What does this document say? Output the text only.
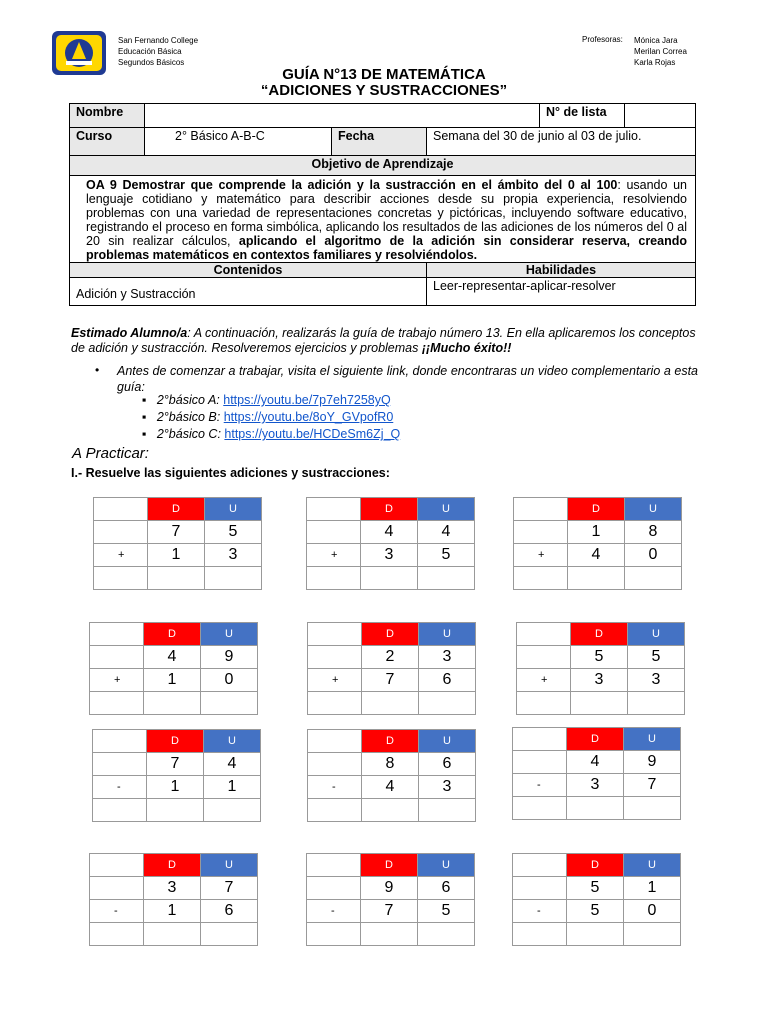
San Fernando College
Educación Básica
Segundos Básicos
Profesoras: Mónica Jara
Merilan Correa
Karla Rojas
GUÍA N°13 DE MATEMÁTICA
“ADICIONES Y SUSTRACCIONES”
Nombre				N° de lista	
Curso	2° Básico A-B-C	Fecha	Semana del 30 de junio al 03 de julio.		
Objetivo de Aprendizaje					
OA 9 Demostrar que comprende la adición y la sustracción en el ámbito del 0 al 100: usando un lenguaje cotidiano y matemático para describir acciones desde su propia experiencia, resolviendo problemas con una variedad de representaciones concretas y pictóricas, incluyendo software educativo, registrando el proceso en forma simbólica, aplicando los resultados de las adiciones de los números del 0 al 20 sin realizar cálculos, aplicando el algoritmo de la adición sin considerar reserva, creando problemas matemáticos en contextos familiares y resolviéndolos.					
Contenidos			Habilidades		
Adición y Sustracción			Leer-representar-aplicar-resolver		
Estimado Alumno/a: A continuación, realizarás la guía de trabajo número 13. En ella aplicaremos los conceptos de adición y sustracción. Resolveremos ejercicios y problemas ¡¡Mucho éxito!!
• Antes de comenzar a trabajar, visita el siguiente link, donde encontraras un video complementario a esta guía:
▪   2°básico A: https://youtu.be/7p7eh7258yQ
▪   2°básico B: https://youtu.be/8oY_GVpofR0
▪   2°básico C: https://youtu.be/HCDeSm6Zj_Q
A Practicar:
I.- Resuelve las siguientes adiciones y sustracciones:
	D	U
	7	5
+	1	3

	D	U
	4	4
+	3	5

	D	U
	1	8
+	4	0

	D	U
	4	9
+	1	0

	D	U
	2	3
+	7	6

	D	U
	5	5
+	3	3

	D	U
	7	4
-	1	1

	D	U
	8	6
-	4	3

	D	U
	4	9
-	3	7

	D	U
	3	7
-	1	6

	D	U
	9	6
-	7	5

	D	U
	5	1
-	5	0
